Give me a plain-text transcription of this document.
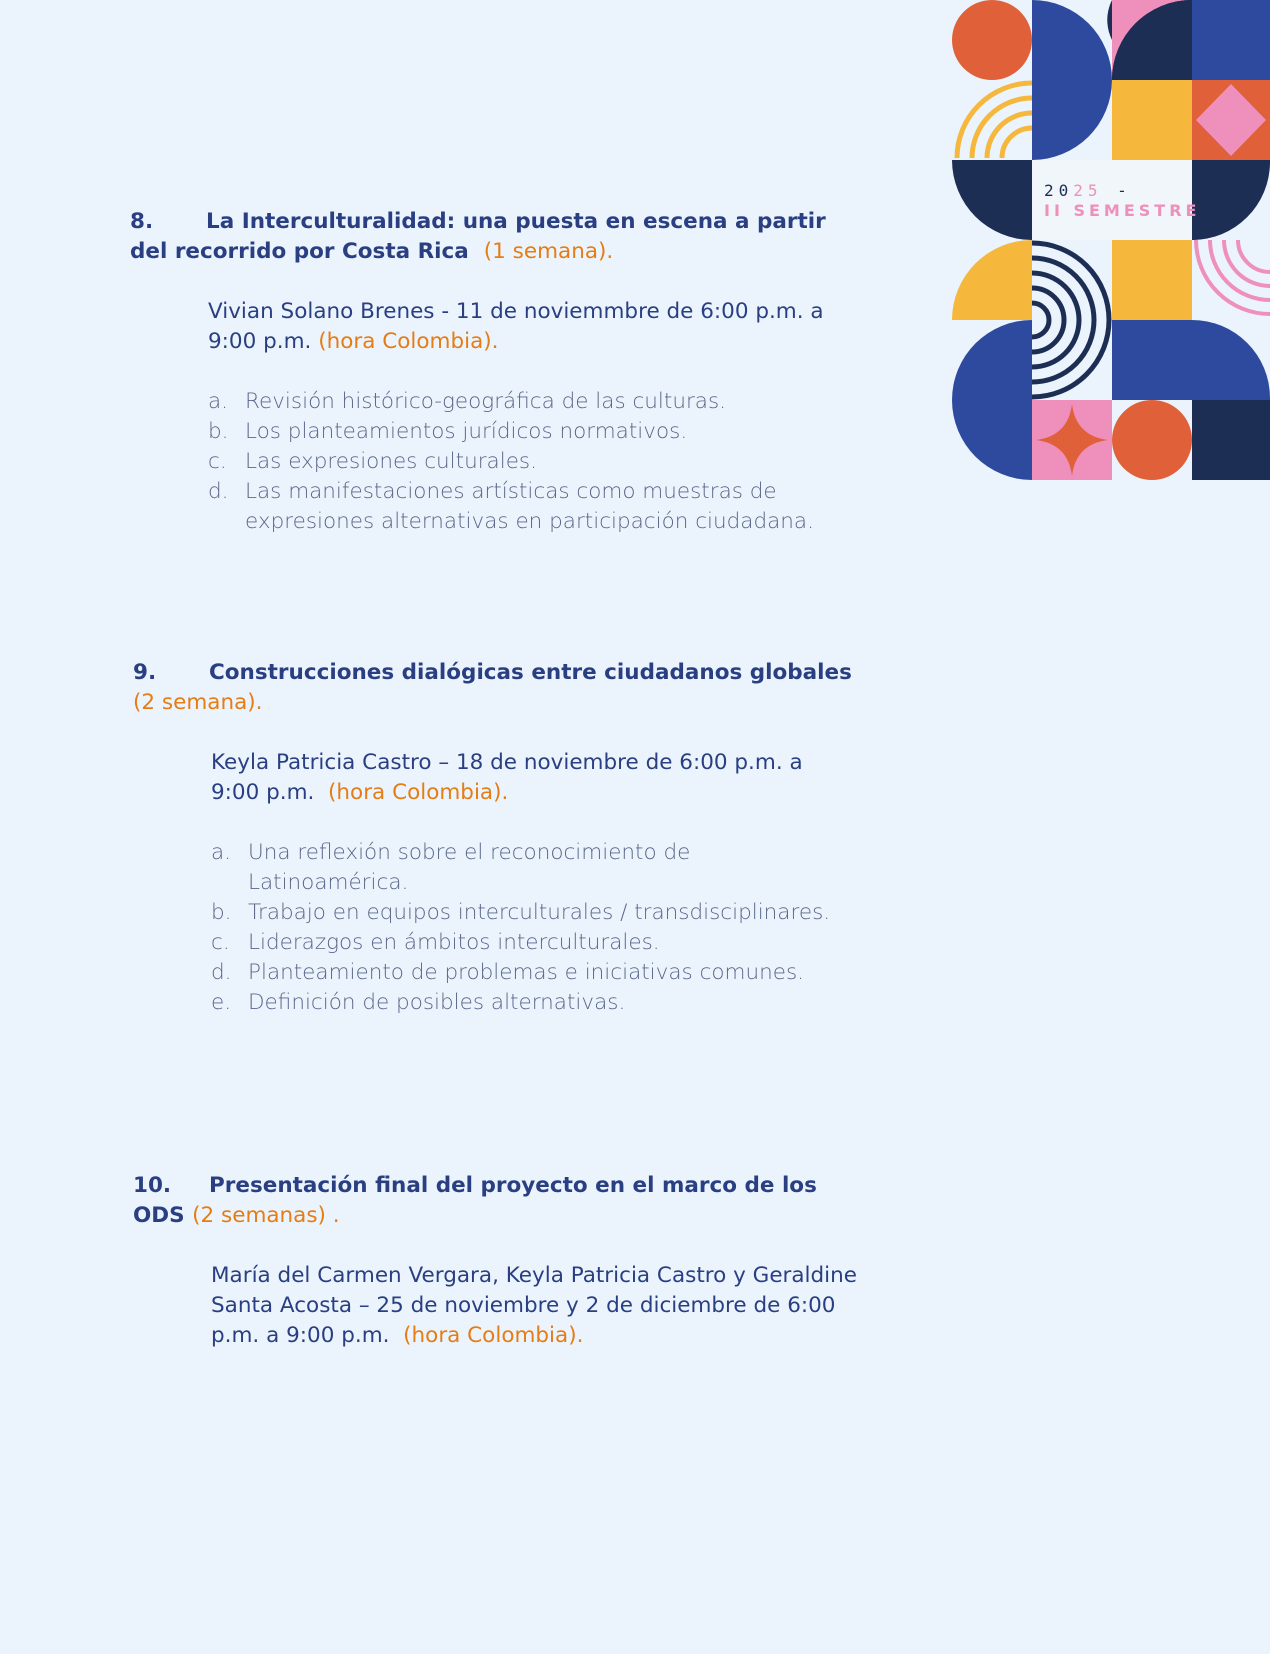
2025 -
II SEMESTRE
8. La Interculturalidad: una puesta en escena a partir del recorrido por Costa Rica (1 semana).

Vivian Solano Brenes - 11 de noviemmbre de 6:00 p.m. a 9:00 p.m. (hora Colombia).

a. Revisión histórico-geográfica de las culturas.
b. Los planteamientos jurídicos normativos.
c. Las expresiones culturales.
d. Las manifestaciones artísticas como muestras de expresiones alternativas en participación ciudadana.
9. Construcciones dialógicas entre ciudadanos globales (2 semana).

Keyla Patricia Castro – 18 de noviembre de 6:00 p.m. a 9:00 p.m. (hora Colombia).

a. Una reflexión sobre el reconocimiento de Latinoamérica.
b. Trabajo en equipos interculturales / transdisciplinares.
c. Liderazgos en ámbitos interculturales.
d. Planteamiento de problemas e iniciativas comunes.
e. Definición de posibles alternativas.
10. Presentación final del proyecto en el marco de los ODS (2 semanas) .

María del Carmen Vergara, Keyla Patricia Castro y Geraldine Santa Acosta – 25 de noviembre y 2 de diciembre de 6:00 p.m. a 9:00 p.m. (hora Colombia).
